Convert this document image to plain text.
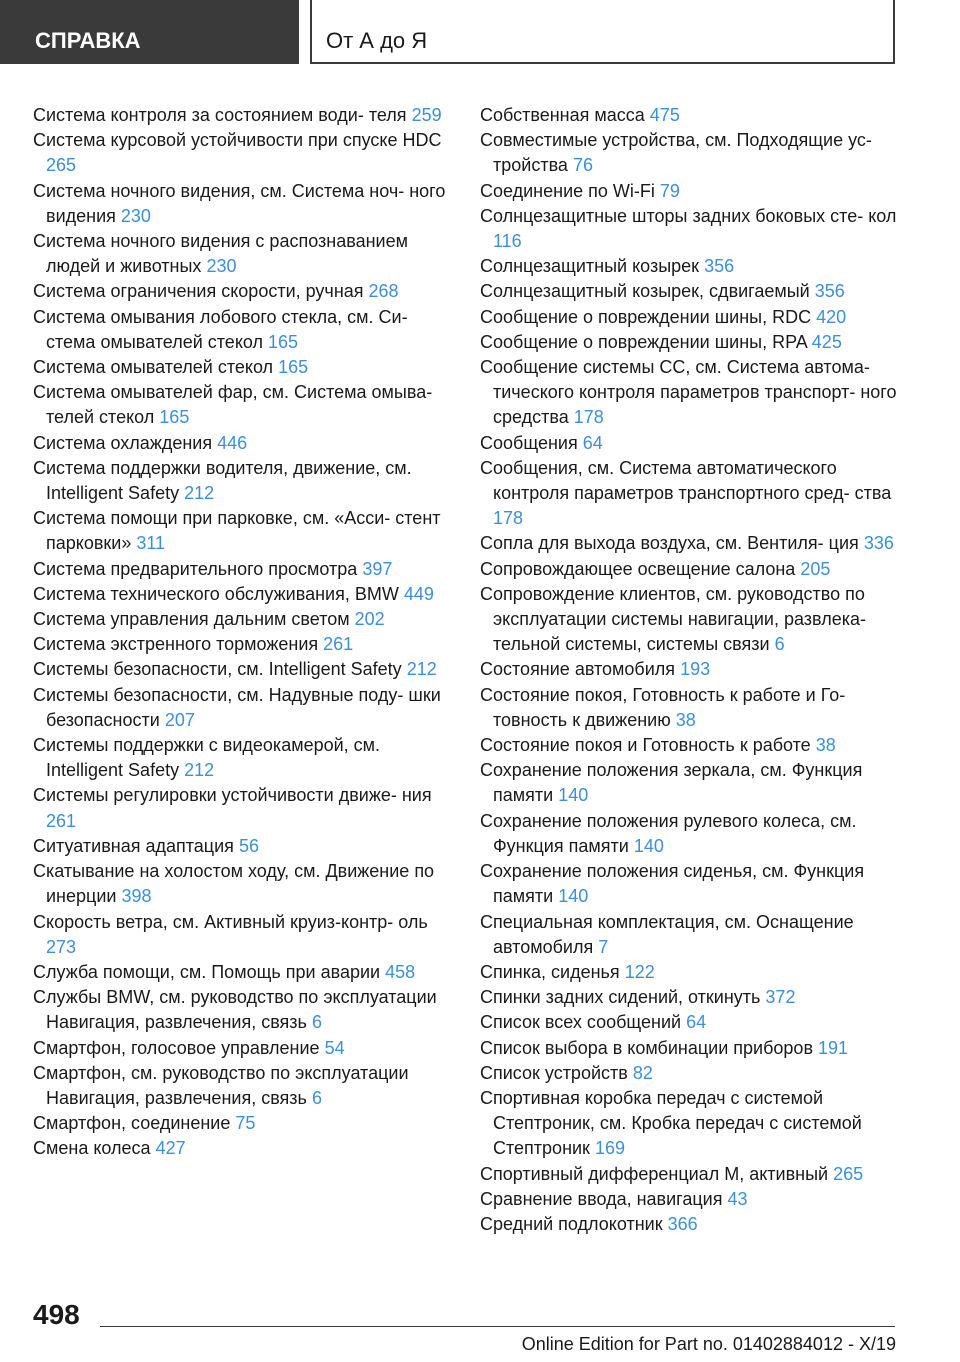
СПРАВКА	От А до Я

Система контроля за состоянием води- теля 259

Система курсовой устойчивости при спуске HDC 265

Система ночного видения, см. Система ноч- ного видения 230

Система ночного видения с распознаванием людей и животных 230

Система ограничения скорости, ручная 268

Система омывания лобового стекла, см. Си- стема омывателей стекол 165

Система омывателей стекол 165

Система омывателей фар, см. Система омыва- телей стекол 165

Система охлаждения 446

Система поддержки водителя, движение, см. Intelligent Safety 212

Система помощи при парковке, см. «Асси- стент парковки» 311

Система предварительного просмотра 397

Система технического обслуживания, BMW 449

Система управления дальним светом 202

Система экстренного торможения 261

Системы безопасности, см. Intelligent Safety 212

Системы безопасности, см. Надувные поду- шки безопасности 207

Системы поддержки с видеокамерой, см. Intelligent Safety 212

Системы регулировки устойчивости движе- ния 261

Ситуативная адаптация 56

Скатывание на холостом ходу, см. Движение по инерции 398

Скорость ветра, см. Активный круиз-контр- оль 273

Служба помощи, см. Помощь при аварии 458

Службы BMW, см. руководство по эксплуатации Навигация, развлечения, связь 6

Смартфон, голосовое управление 54

Смартфон, см. руководство по эксплуатации Навигация, развлечения, связь 6

Смартфон, соединение 75

Смена колеса 427

Собственная масса 475

Совместимые устройства, см. Подходящие ус- тройства 76

Соединение по Wi-Fi 79

Солнцезащитные шторы задних боковых сте- кол 116

Солнцезащитный козырек 356

Солнцезащитный козырек, сдвигаемый 356

Сообщение о повреждении шины, RDC 420

Сообщение о повреждении шины, RPA 425

Сообщение системы CC, см. Система автома- тического контроля параметров транспорт- ного средства 178

Сообщения 64

Сообщения, см. Система автоматического контроля параметров транспортного сред- ства 178

Сопла для выхода воздуха, см. Вентиля- ция 336

Сопровождающее освещение салона 205

Сопровождение клиентов, см. руководство по эксплуатации системы навигации, развлека- тельной системы, системы связи 6

Состояние автомобиля 193

Состояние покоя, Готовность к работе и Го- товность к движению 38

Состояние покоя и Готовность к работе 38

Сохранение положения зеркала, см. Функция памяти 140

Сохранение положения рулевого колеса, см. Функция памяти 140

Сохранение положения сиденья, см. Функция памяти 140

Специальная комплектация, см. Оснащение автомобиля 7

Спинка, сиденья 122

Спинки задних сидений, откинуть 372

Список всех сообщений 64

Список выбора в комбинации приборов 191

Список устройств 82

Спортивная коробка передач с системой Стептроник, см. Кробка передач с системой Стептроник 169

Спортивный дифференциал M, активный 265

Сравнение ввода, навигация 43

Средний подлокотник 366

498
Online Edition for Part no. 01402884012 - X/19
